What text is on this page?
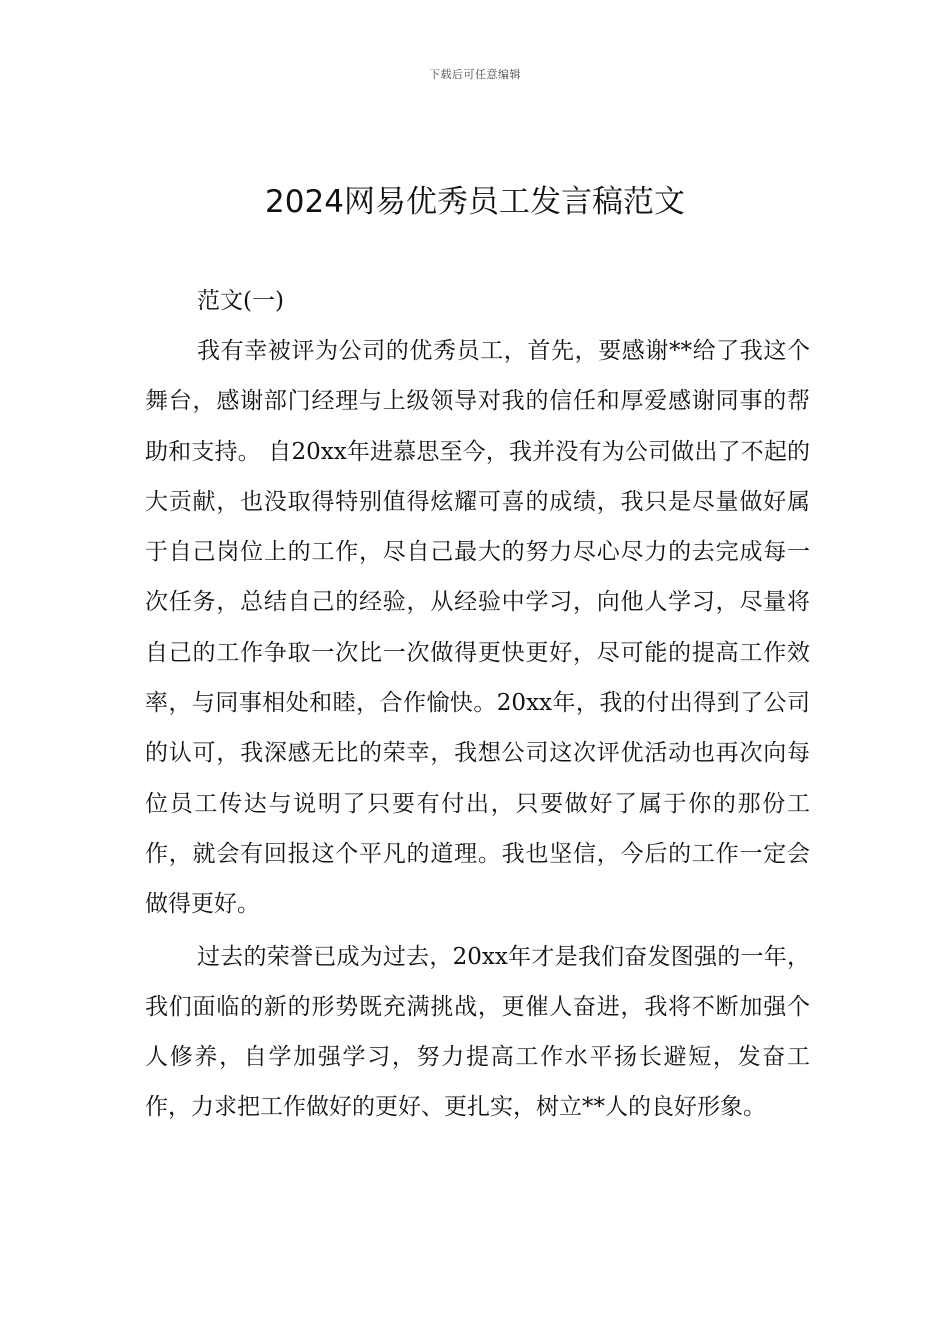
下载后可任意编辑
2024网易优秀员工发言稿范文

范文(一)

我有幸被评为公司的优秀员工，首先，要感谢**给了我这个舞台，感谢部门经理与上级领导对我的信任和厚爱感谢同事的帮助和支持。 自20xx年进慕思至今，我并没有为公司做出了不起的大贡献，也没取得特别值得炫耀可喜的成绩，我只是尽量做好属于自己岗位上的工作，尽自己最大的努力尽心尽力的去完成每一次任务，总结自己的经验，从经验中学习，向他人学习，尽量将自己的工作争取一次比一次做得更快更好，尽可能的提高工作效率，与同事相处和睦，合作愉快。20xx年，我的付出得到了公司的认可，我深感无比的荣幸，我想公司这次评优活动也再次向每位员工传达与说明了只要有付出，只要做好了属于你的那份工作，就会有回报这个平凡的道理。我也坚信，今后的工作一定会做得更好。

过去的荣誉已成为过去，20xx年才是我们奋发图强的一年，我们面临的新的形势既充满挑战，更催人奋进，我将不断加强个人修养，自学加强学习，努力提高工作水平扬长避短，发奋工作，力求把工作做好的更好、更扎实，树立**人的良好形象。
